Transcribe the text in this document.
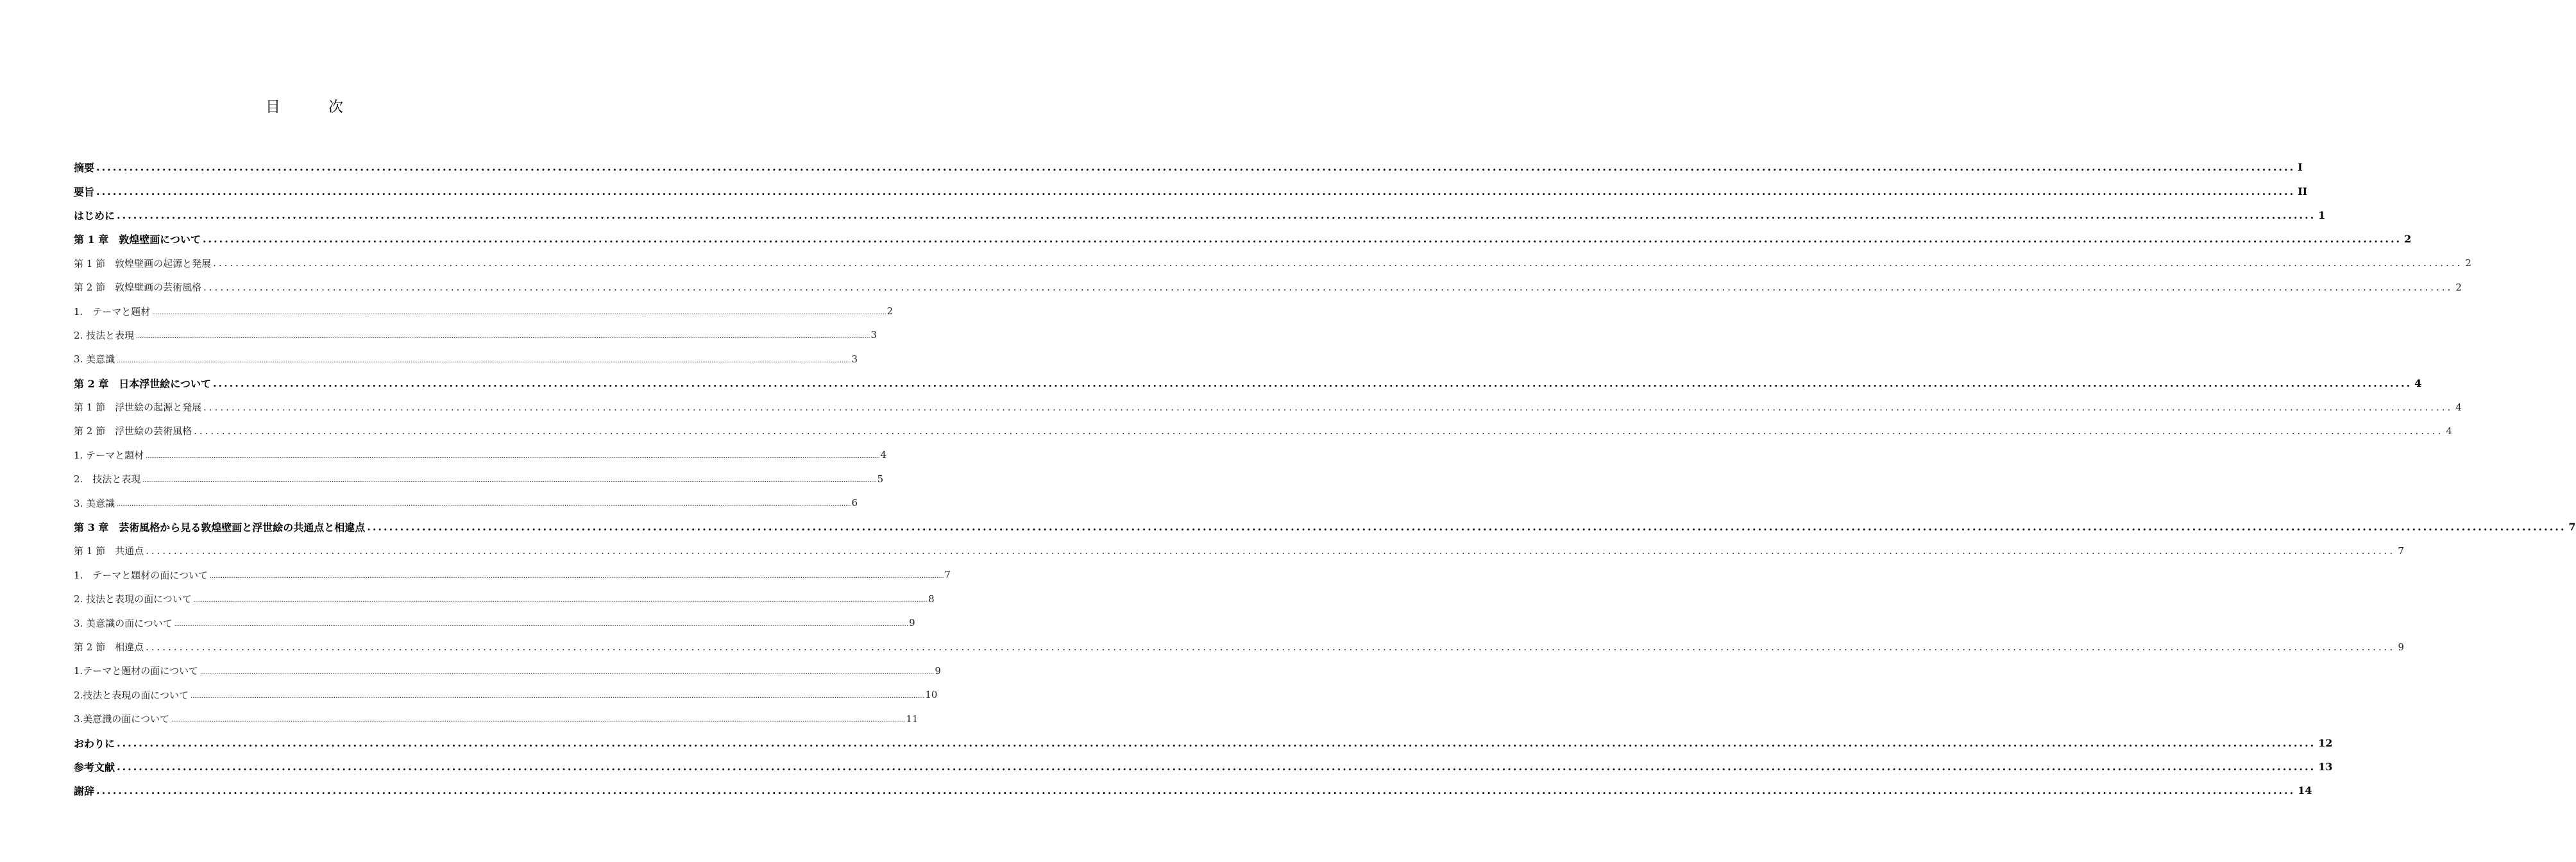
目　次
摘要 ................................................................................................................................................................................................................................................................................................................................................................................................................ I
要旨 ................................................................................................................................................................................................................................................................................................................................................................................................................ II
はじめに ................................................................................................................................................................................................................................................................................................................................................................................................................ 1
第 1 章　敦煌壁画について ................................................................................................................................................................................................................................................................................................................................................................................................................ 2
第 1 節　敦煌壁画の起源と発展 ................................................................................................................................................................................................................................................................................................................................................................................................................ 2
第 2 節　敦煌壁画の芸術風格 ................................................................................................................................................................................................................................................................................................................................................................................................................ 2
1.　テーマと題材 ................................................................................................................................................................................................................................................................................................................................................................................................................ 2
2. 技法と表現 ................................................................................................................................................................................................................................................................................................................................................................................................................ 3
3. 美意識 ................................................................................................................................................................................................................................................................................................................................................................................................................ 3
第 2 章　日本浮世絵について ................................................................................................................................................................................................................................................................................................................................................................................................................ 4
第 1 節　浮世絵の起源と発展 ................................................................................................................................................................................................................................................................................................................................................................................................................ 4
第 2 節　浮世絵の芸術風格 ................................................................................................................................................................................................................................................................................................................................................................................................................ 4
1. テーマと題材 ................................................................................................................................................................................................................................................................................................................................................................................................................ 4
2.　技法と表現 ................................................................................................................................................................................................................................................................................................................................................................................................................ 5
3. 美意識 ................................................................................................................................................................................................................................................................................................................................................................................................................ 6
第 3 章　芸術風格から見る敦煌壁画と浮世絵の共通点と相違点 ................................................................................................................................................................................................................................................................................................................................................................................................................ 7
第 1 節　共通点 ................................................................................................................................................................................................................................................................................................................................................................................................................ 7
1.　テーマと題材の面について ................................................................................................................................................................................................................................................................................................................................................................................................................ 7
2. 技法と表現の面について ................................................................................................................................................................................................................................................................................................................................................................................................................ 8
3. 美意識の面について ................................................................................................................................................................................................................................................................................................................................................................................................................ 9
第 2 節　相違点 ................................................................................................................................................................................................................................................................................................................................................................................................................ 9
1.テーマと題材の面について ................................................................................................................................................................................................................................................................................................................................................................................................................ 9
2.技法と表現の面について ................................................................................................................................................................................................................................................................................................................................................................................................................ 10
3.美意識の面について ................................................................................................................................................................................................................................................................................................................................................................................................................ 11
おわりに ................................................................................................................................................................................................................................................................................................................................................................................................................ 12
参考文献 ................................................................................................................................................................................................................................................................................................................................................................................................................ 13
謝辞 ................................................................................................................................................................................................................................................................................................................................................................................................................ 14
